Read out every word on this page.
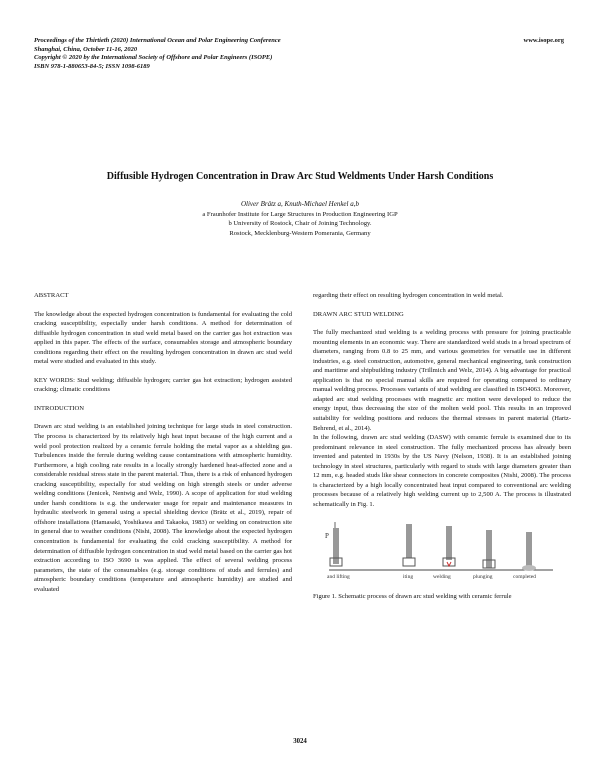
Proceedings of the Thirtieth (2020) International Ocean and Polar Engineering Conference
Shanghai, China, October 11-16, 2020
Copyright © 2020 by the International Society of Offshore and Polar Engineers (ISOPE)
ISBN 978-1-880653-84-5; ISSN 1098-6189
www.isope.org
Diffusible Hydrogen Concentration in Draw Arc Stud Weldments Under Harsh Conditions
Oliver Brätz a, Knuth-Michael Henkel a,b
a Fraunhofer Institute for Large Structures in Production Engineering IGP
b University of Rostock, Chair of Joining Technology.
Rostock, Mecklenburg-Western Pomerania, Germany

ABSTRACT

The knowledge about the expected hydrogen concentration is fundamental for evaluating the cold cracking susceptibility, especially under harsh conditions. A method for determination of diffusible hydrogen concentration in stud weld metal based on the carrier gas hot extraction was applied in this paper. The effects of the surface, consumables storage and atmospheric boundary conditions regarding their effect on the resulting hydrogen concentration in drawn arc stud weld metal were studied and evaluated in this study.

KEY WORDS: Stud welding; diffusible hydrogen; carrier gas hot extraction; hydrogen assisted cracking; climatic conditions

INTRODUCTION

Drawn arc stud welding is an established joining technique for large studs in steel construction. The process is characterized by its relatively high heat input because of the high current and a weld pool protection realized by a ceramic ferrule holding the metal vapor as a shielding gas. Turbulences inside the ferrule during welding cause contaminations with atmospheric humidity. Furthermore, a high cooling rate results in a locally strongly hardened heat-affected zone and a considerable residual stress state in the parent material. Thus, there is a risk of enhanced hydrogen cracking susceptibility, especially for stud welding on high strength steels or under adverse welding conditions (Jenicek, Nentwig and Welz, 1990). A scope of application for stud welding under harsh conditions is e.g. the underwater usage for repair and maintenance measures in hydraulic steelwork in general using a special shielding device (Brätz et al., 2019), repair of offshore installations (Hamasaki, Yoshikawa and Takaoka, 1983) or welding on construction site in general due to weather conditions (Nishi, 2008). The knowledge about the expected hydrogen concentration is fundamental for evaluating the cold cracking susceptibility. A method for determination of diffusible hydrogen concentration in stud weld metal based on the carrier gas hot extraction according to ISO 3690 is was applied. The effect of several welding process parameters, the state of the consumables (e.g. storage conditions of studs and ferrules) and atmospheric boundary conditions (temperature and atmospheric humidity) are studied and evaluated

regarding their effect on resulting hydrogen concentration in weld metal.

DRAWN ARC STUD WELDING

The fully mechanized stud welding is a welding process with pressure for joining practicable mounting elements in an economic way. There are standardized weld studs in a broad spectrum of diameters, ranging from 0.8 to 25 mm, and various geometries for versatile use in different industries, e.g. steel construction, automotive, general mechanical engineering, tank construction and maritime and shipbuilding industry (Trillmich and Welz, 2014). A big advantage for practical application is that no special manual skills are required for operating compared to ordinary manual welding process. Processes variants of stud welding are classified in ISO4063. Moreover, adapted arc stud welding processes with magnetic arc motion were developed to reduce the energy input, thus decreasing the size of the molten weld pool. This results in an improved suitability for welding positions and reduces the thermal stresses in parent material (Hartz-Behrend, et al., 2014).

In the following, drawn arc stud welding (DASW) with ceramic ferrule is examined due to its predominant relevance in steel construction. The fully mechanized process has already been invented and patented in 1930s by the US Navy (Nelson, 1938). It is an established joining technology in steel structures, particularly with regard to studs with large diameters greater than 12 mm, e.g. headed studs like shear connectors in concrete composites (Nishi, 2008). The process is characterized by a high locally concentrated heat input compared to conventional arc welding processes because of a relatively high welding current up to 2,500 A. The process is illustrated schematically in Fig. 1.

P
and lifting	iting	welding	plunging	completed

Figure 1. Schematic process of drawn arc stud welding with ceramic ferrule

3024
